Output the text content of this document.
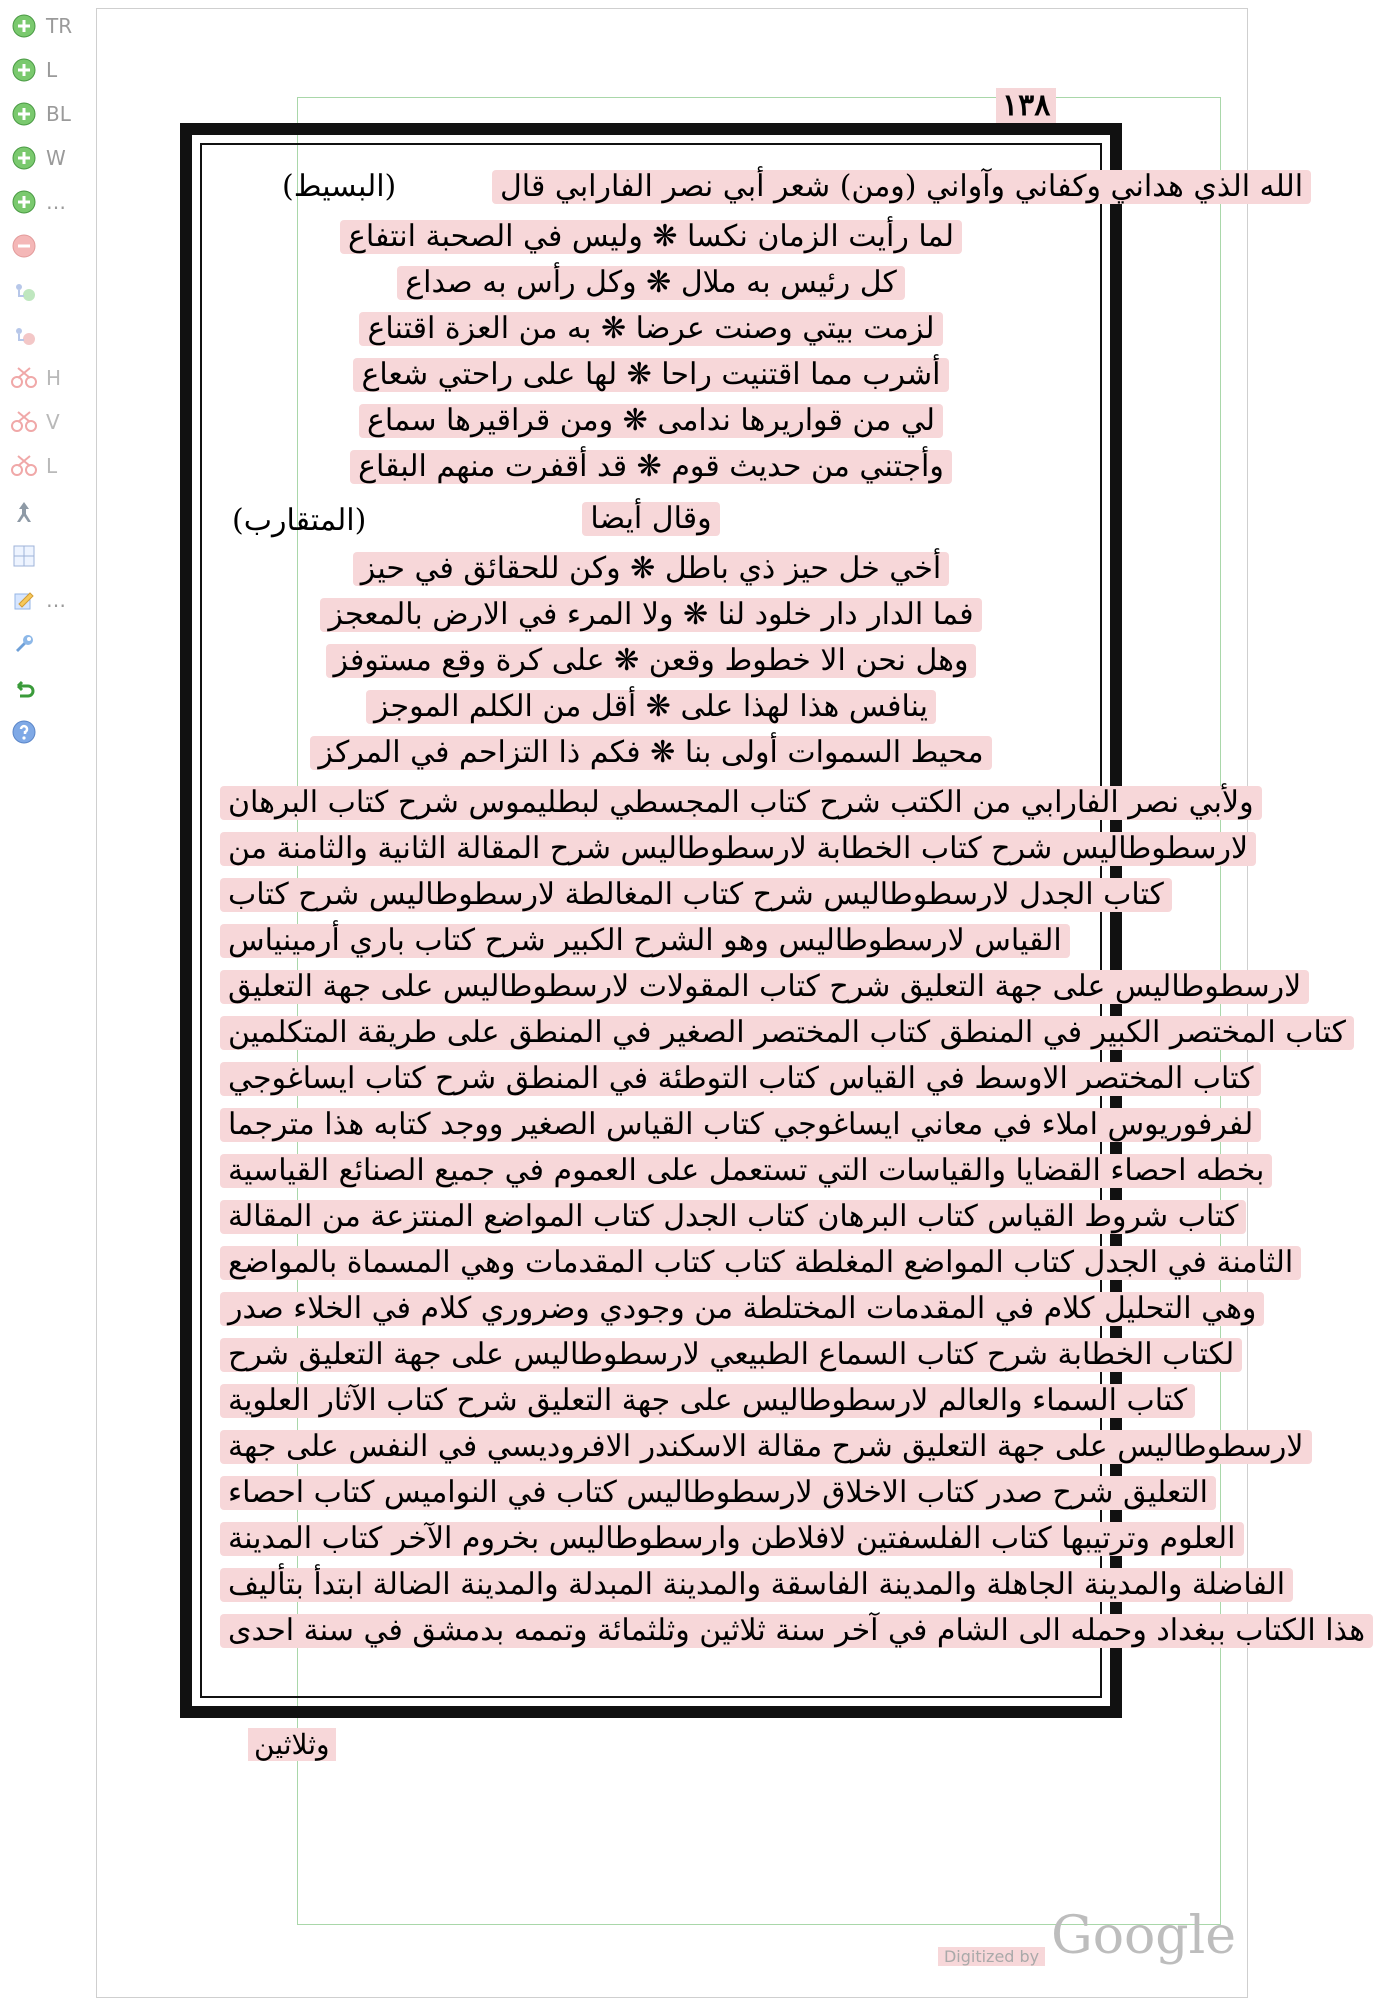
TR
L
BL
W
…
H
V
L
…
١٣٨
(البسيط)	الله الذي هداني وكفاني وآواني (ومن) شعر أبي نصر الفارابي قال
لما رأيت الزمان نكسا ❋ وليس في الصحبة انتفاع
كل رئيس به ملال ❋ وكل رأس به صداع
لزمت بيتي وصنت عرضا ❋ به من العزة اقتناع
أشرب مما اقتنيت راحا ❋ لها على راحتي شعاع
لي من قواريرها ندامى ❋ ومن قراقيرها سماع
وأجتني من حديث قوم ❋ قد أقفرت منهم البقاع
(المتقارب)	وقال أيضا
أخي خل حيز ذي باطل ❋ وكن للحقائق في حيز
فما الدار دار خلود لنا ❋ ولا المرء في الارض بالمعجز
وهل نحن الا خطوط وقعن ❋ على كرة وقع مستوفز
ينافس هذا لهذا على ❋ أقل من الكلم الموجز
محيط السموات أولى بنا ❋ فكم ذا التزاحم في المركز
ولأبي نصر الفارابي من الكتب شرح كتاب المجسطي لبطليموس شرح كتاب البرهان
لارسطوطاليس شرح كتاب الخطابة لارسطوطاليس شرح المقالة الثانية والثامنة من
كتاب الجدل لارسطوطاليس شرح كتاب المغالطة لارسطوطاليس شرح كتاب
القياس لارسطوطاليس وهو الشرح الكبير شرح كتاب باري أرمينياس
لارسطوطاليس على جهة التعليق شرح كتاب المقولات لارسطوطاليس على جهة التعليق
كتاب المختصر الكبير في المنطق كتاب المختصر الصغير في المنطق على طريقة المتكلمين
كتاب المختصر الاوسط في القياس كتاب التوطئة في المنطق شرح كتاب ايساغوجي
لفرفوريوس املاء في معاني ايساغوجي كتاب القياس الصغير ووجد كتابه هذا مترجما
بخطه احصاء القضايا والقياسات التي تستعمل على العموم في جميع الصنائع القياسية
كتاب شروط القياس كتاب البرهان كتاب الجدل كتاب المواضع المنتزعة من المقالة
الثامنة في الجدل كتاب المواضع المغلطة كتاب كتاب المقدمات وهي المسماة بالمواضع
وهي التحليل كلام في المقدمات المختلطة من وجودي وضروري كلام في الخلاء صدر
لكتاب الخطابة شرح كتاب السماع الطبيعي لارسطوطاليس على جهة التعليق شرح
كتاب السماء والعالم لارسطوطاليس على جهة التعليق شرح كتاب الآثار العلوية
لارسطوطاليس على جهة التعليق شرح مقالة الاسكندر الافروديسي في النفس على جهة
التعليق شرح صدر كتاب الاخلاق لارسطوطاليس كتاب في النواميس كتاب احصاء
العلوم وترتيبها كتاب الفلسفتين لافلاطن وارسطوطاليس بخروم الآخر كتاب المدينة
الفاضلة والمدينة الجاهلة والمدينة الفاسقة والمدينة المبدلة والمدينة الضالة ابتدأ بتأليف
هذا الكتاب ببغداد وحمله الى الشام في آخر سنة ثلاثين وثلثمائة وتممه بدمشق في سنة احدى
وثلاثين
Digitized by Google
